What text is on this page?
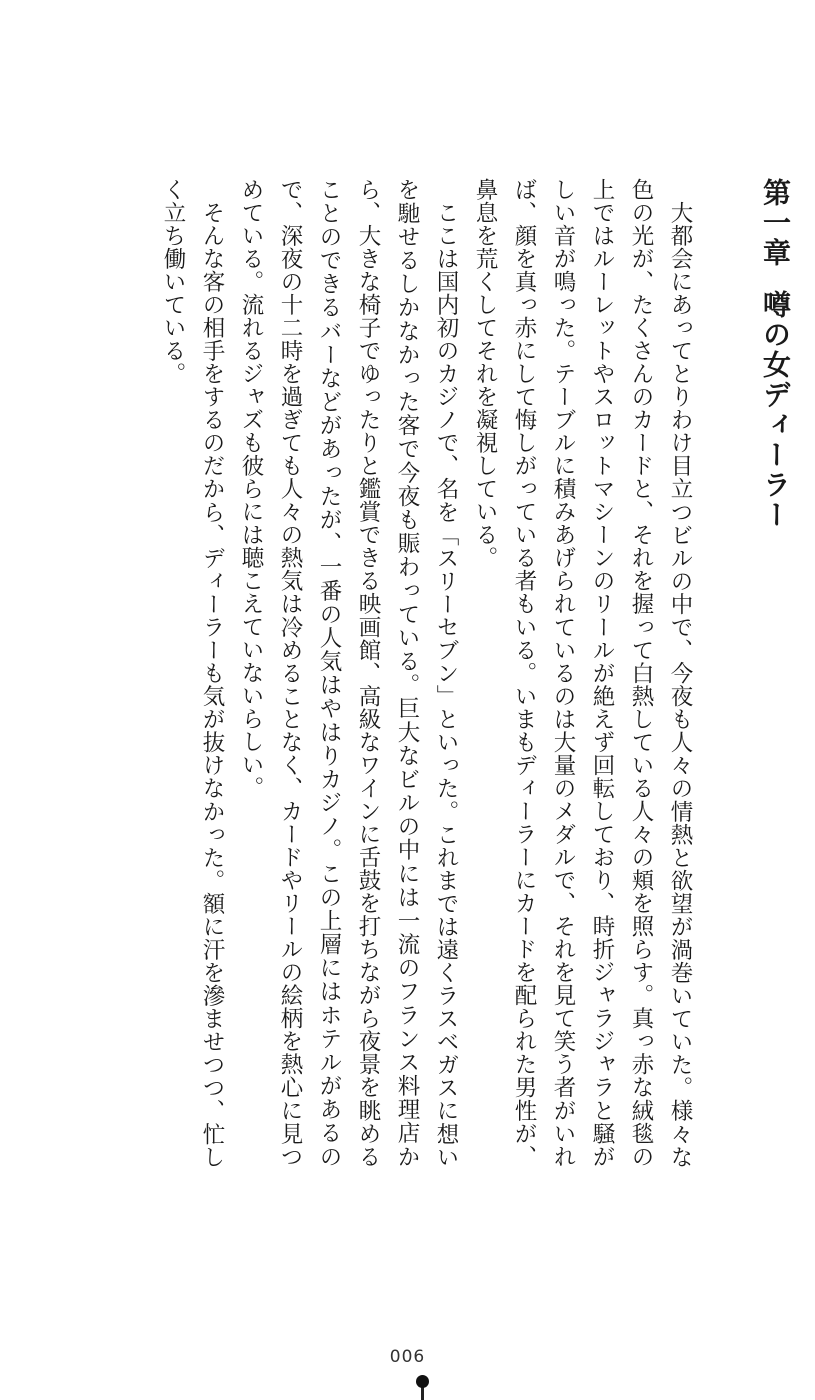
第一章噂の女ディーラー

大都会にあってとりわけ目立つビルの中で、今夜も人々の情熱と欲望が渦巻いていた。様々な色の光が、たくさんのカードと、それを握って白熱している人々の頬を照らす。真っ赤な絨毯の上ではルーレットやスロットマシーンのリールが絶えず回転しており、時折ジャラジャラと騒がしい音が鳴った。テーブルに積みあげられているのは大量のメダルで、それを見て笑う者がいれば、顔を真っ赤にして悔しがっている者もいる。いまもディーラーにカードを配られた男性が、鼻息を荒くしてそれを凝視している。

ここは国内初のカジノで、名を「スリーセブン」といった。これまでは遠くラスベガスに想いを馳せるしかなかった客で今夜も賑わっている。巨大なビルの中には一流のフランス料理店から、大きな椅子でゆったりと鑑賞できる映画館、高級なワインに舌鼓を打ちながら夜景を眺めることのできるバーなどがあったが、一番の人気はやはりカジノ。この上層にはホテルがあるので、深夜の十二時を過ぎても人々の熱気は冷めることなく、カードやリールの絵柄を熱心に見つめている。流れるジャズも彼らには聴こえていないらしい。

そんな客の相手をするのだから、ディーラーも気が抜けなかった。額に汗を滲ませつつ、忙しく立ち働いている。

006
